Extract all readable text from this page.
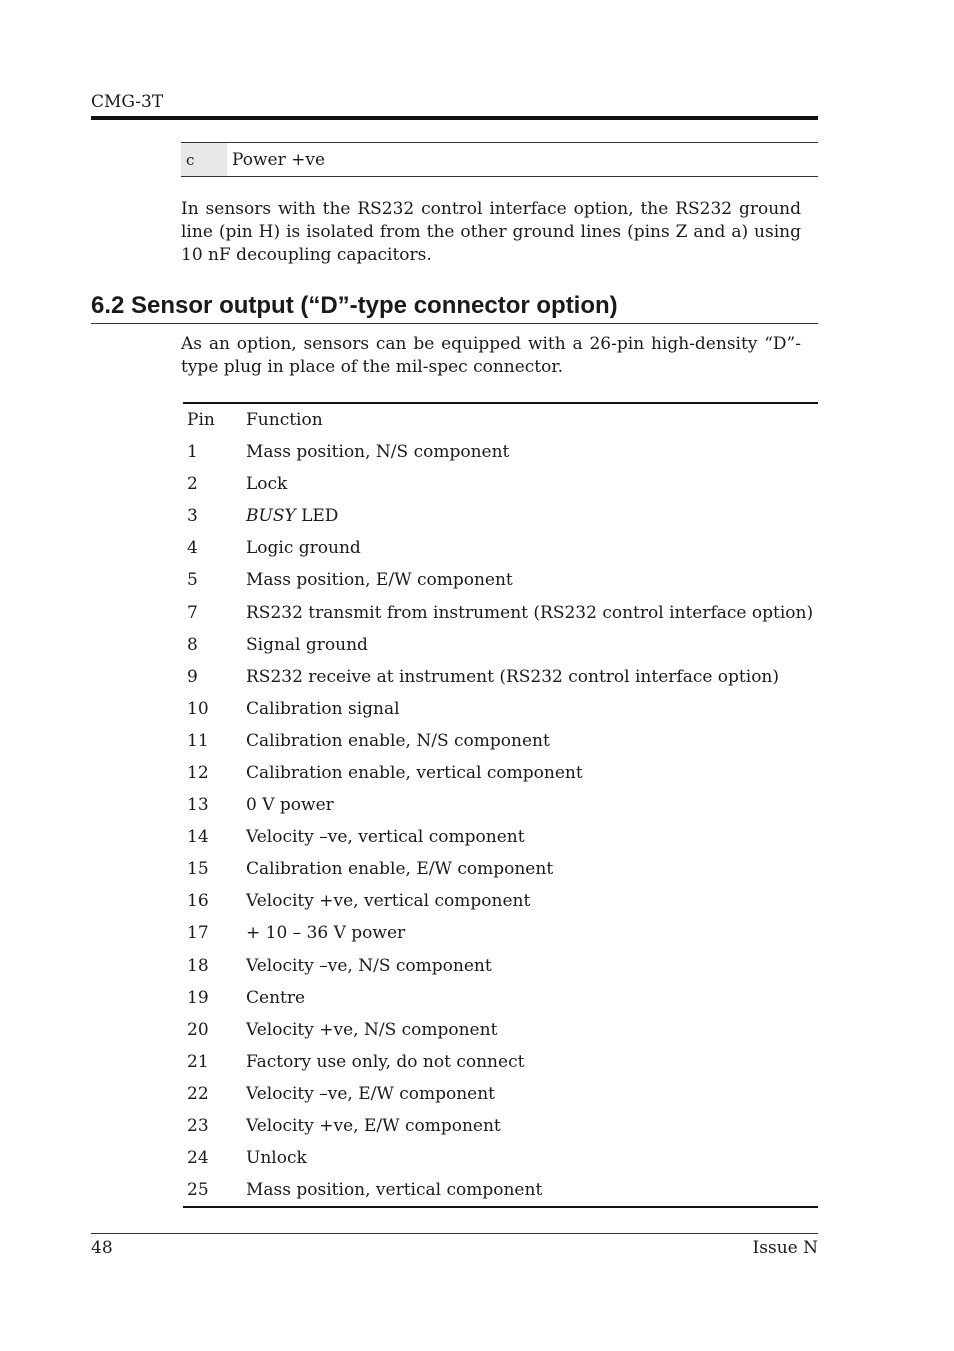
CMG-3T
c	Power +ve

In sensors with the RS232 control interface option, the RS232 ground line (pin H) is isolated from the other ground lines (pins Z and a) using 10 nF decoupling capacitors.

6.2 Sensor output (“D”-type connector option)

As an option, sensors can be equipped with a 26-pin high-density “D”-type plug in place of the mil-spec connector.

Pin	Function
1	Mass position, N/S component
2	Lock
3	BUSY LED
4	Logic ground
5	Mass position, E/W component
7	RS232 transmit from instrument (RS232 control interface option)
8	Signal ground
9	RS232 receive at instrument (RS232 control interface option)
10	Calibration signal
11	Calibration enable, N/S component
12	Calibration enable, vertical component
13	0 V power
14	Velocity –ve, vertical component
15	Calibration enable, E/W component
16	Velocity +ve, vertical component
17	+ 10 – 36 V power
18	Velocity –ve, N/S component
19	Centre
20	Velocity +ve, N/S component
21	Factory use only, do not connect
22	Velocity –ve, E/W component
23	Velocity +ve, E/W component
24	Unlock
25	Mass position, vertical component
48	Issue N
